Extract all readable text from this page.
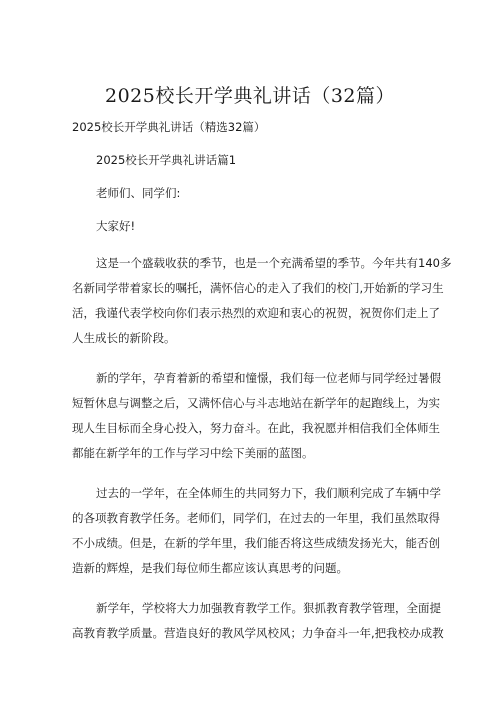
2025校长开学典礼讲话（32篇）
2025校长开学典礼讲话（精选32篇）
2025校长开学典礼讲话篇1
老师们、同学们:
大家好!
这是一个盛载收获的季节，也是一个充满希望的季节。今年共有140多
名新同学带着家长的嘱托，满怀信心的走入了我们的校门,开始新的学习生
活，我谨代表学校向你们表示热烈的欢迎和衷心的祝贺，祝贺你们走上了
人生成长的新阶段。
新的学年，孕育着新的希望和憧憬，我们每一位老师与同学经过暑假
短暂休息与调整之后，又满怀信心与斗志地站在新学年的起跑线上，为实
现人生目标而全身心投入，努力奋斗。在此，我祝愿并相信我们全体师生
都能在新学年的工作与学习中绘下美丽的蓝图。
过去的一学年，在全体师生的共同努力下，我们顺利完成了车辆中学
的各项教育教学任务。老师们，同学们，在过去的一年里，我们虽然取得
不小成绩。但是，在新的学年里，我们能否将这些成绩发扬光大，能否创
造新的辉煌，是我们每位师生都应该认真思考的问题。
新学年，学校将大力加强教育教学工作。狠抓教育教学管理，全面提
高教育教学质量。营造良好的教风学风校风；力争奋斗一年,把我校办成教
